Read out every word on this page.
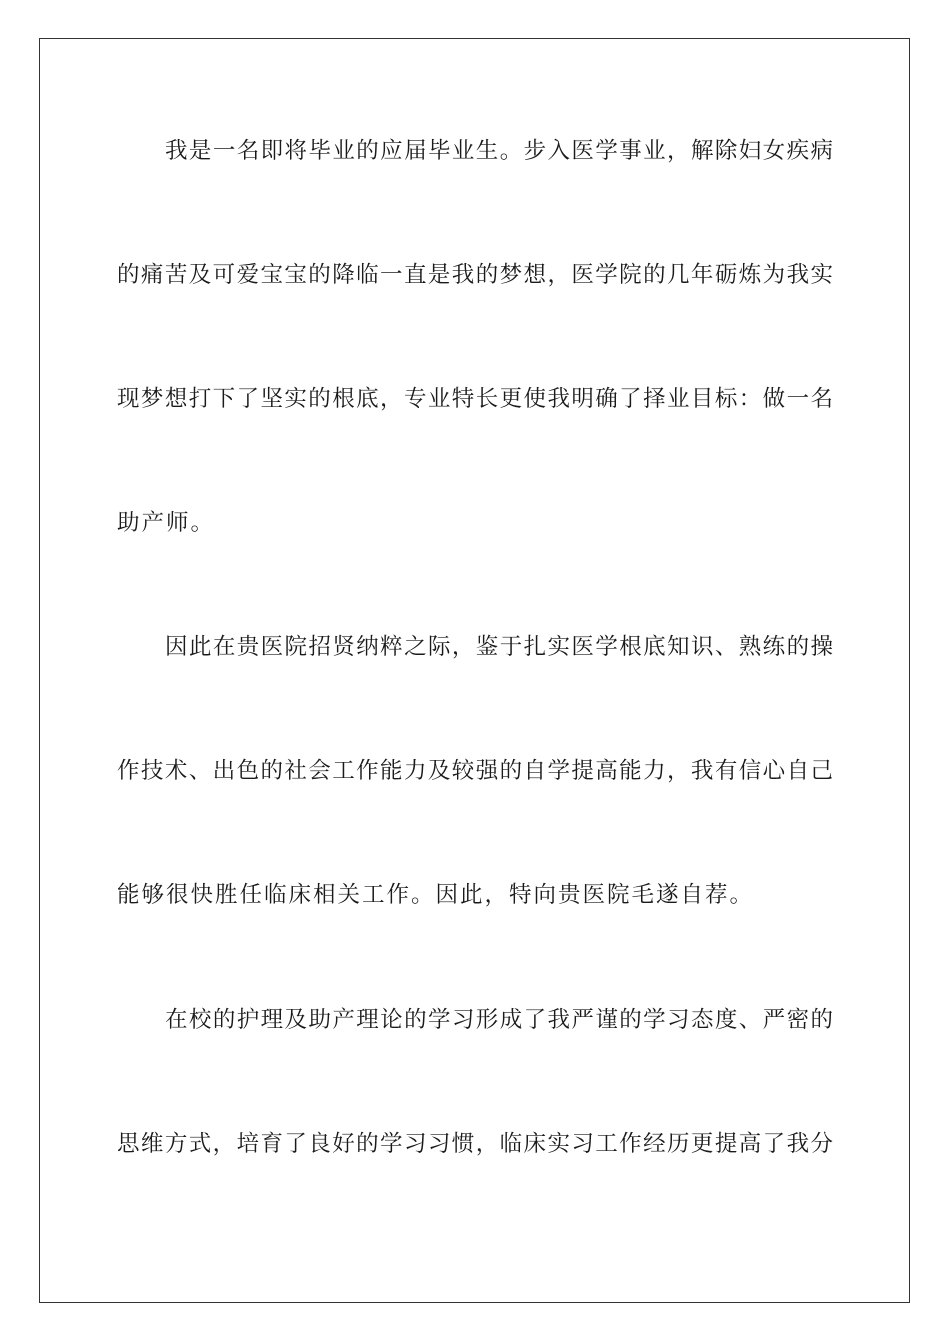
我是一名即将毕业的应届毕业生。步入医学事业，解除妇女疾病
的痛苦及可爱宝宝的降临一直是我的梦想，医学院的几年砺炼为我实
现梦想打下了坚实的根底，专业特长更使我明确了择业目标：做一名
助产师。
因此在贵医院招贤纳粹之际，鉴于扎实医学根底知识、熟练的操
作技术、出色的社会工作能力及较强的自学提高能力，我有信心自己
能够很快胜任临床相关工作。因此，特向贵医院毛遂自荐。
在校的护理及助产理论的学习形成了我严谨的学习态度、严密的
思维方式，培育了良好的学习习惯，临床实习工作经历更提高了我分
